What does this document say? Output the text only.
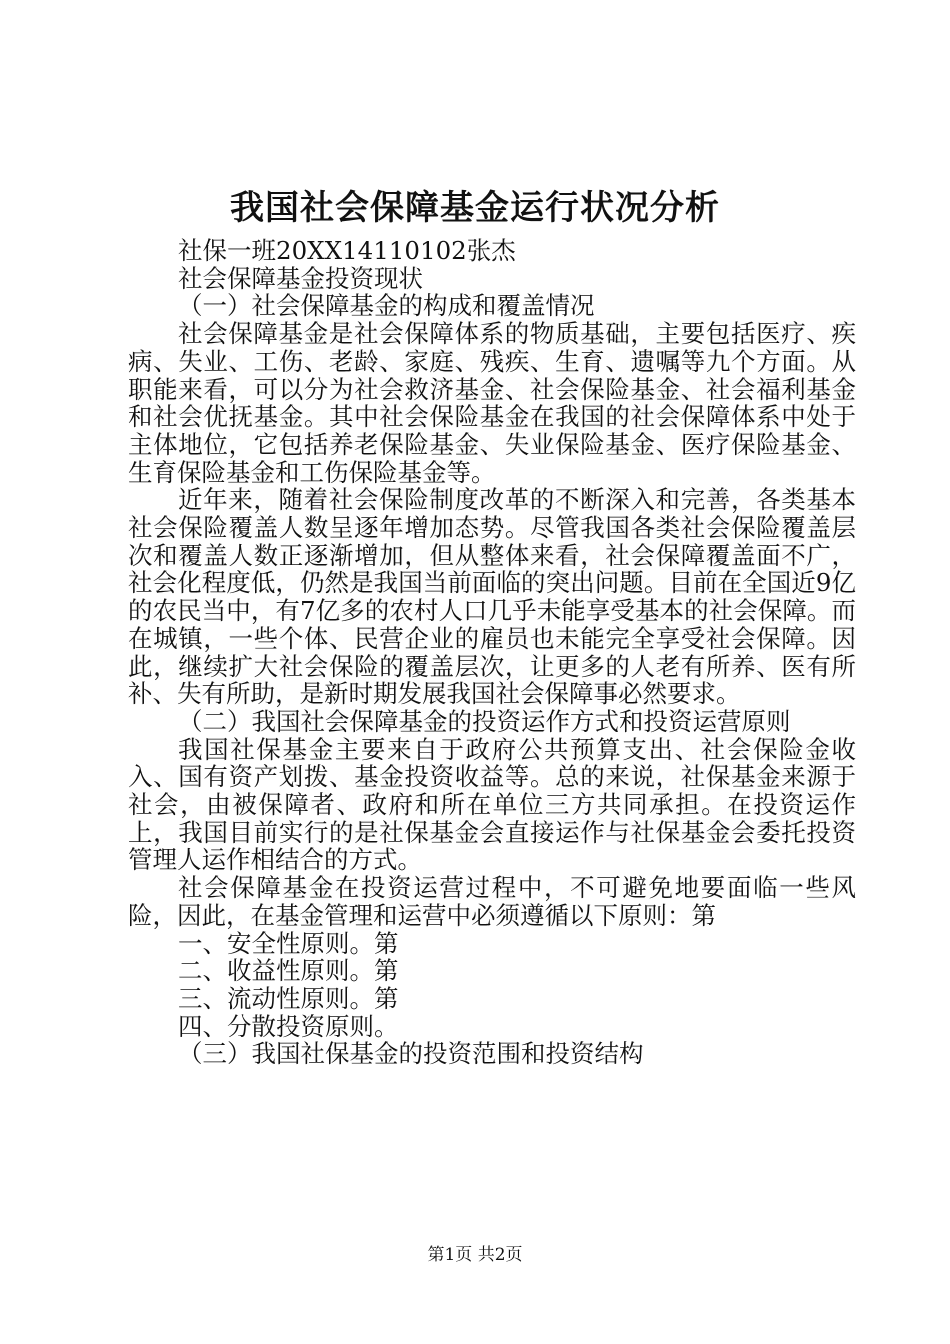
我国社会保障基金运行状况分析

社保一班20XX14110102张杰

社会保障基金投资现状

（一）社会保障基金的构成和覆盖情况

社会保障基金是社会保障体系的物质基础，主要包括医疗、疾病、失业、工伤、老龄、家庭、残疾、生育、遗嘱等九个方面。从职能来看，可以分为社会救济基金、社会保险基金、社会福利基金和社会优抚基金。其中社会保险基金在我国的社会保障体系中处于主体地位，它包括养老保险基金、失业保险基金、医疗保险基金、生育保险基金和工伤保险基金等。

近年来，随着社会保险制度改革的不断深入和完善，各类基本社会保险覆盖人数呈逐年增加态势。尽管我国各类社会保险覆盖层次和覆盖人数正逐渐增加，但从整体来看，社会保障覆盖面不广，社会化程度低，仍然是我国当前面临的突出问题。目前在全国近9亿的农民当中，有7亿多的农村人口几乎未能享受基本的社会保障。而在城镇，一些个体、民营企业的雇员也未能完全享受社会保障。因此，继续扩大社会保险的覆盖层次，让更多的人老有所养、医有所补、失有所助，是新时期发展我国社会保障事必然要求。

（二）我国社会保障基金的投资运作方式和投资运营原则

我国社保基金主要来自于政府公共预算支出、社会保险金收入、国有资产划拨、基金投资收益等。总的来说，社保基金来源于社会，由被保障者、政府和所在单位三方共同承担。在投资运作上，我国目前实行的是社保基金会直接运作与社保基金会委托投资管理人运作相结合的方式。

社会保障基金在投资运营过程中，不可避免地要面临一些风险，因此，在基金管理和运营中必须遵循以下原则：第

一、安全性原则。第

二、收益性原则。第

三、流动性原则。第

四、分散投资原则。

（三）我国社保基金的投资范围和投资结构

第1页 共2页
